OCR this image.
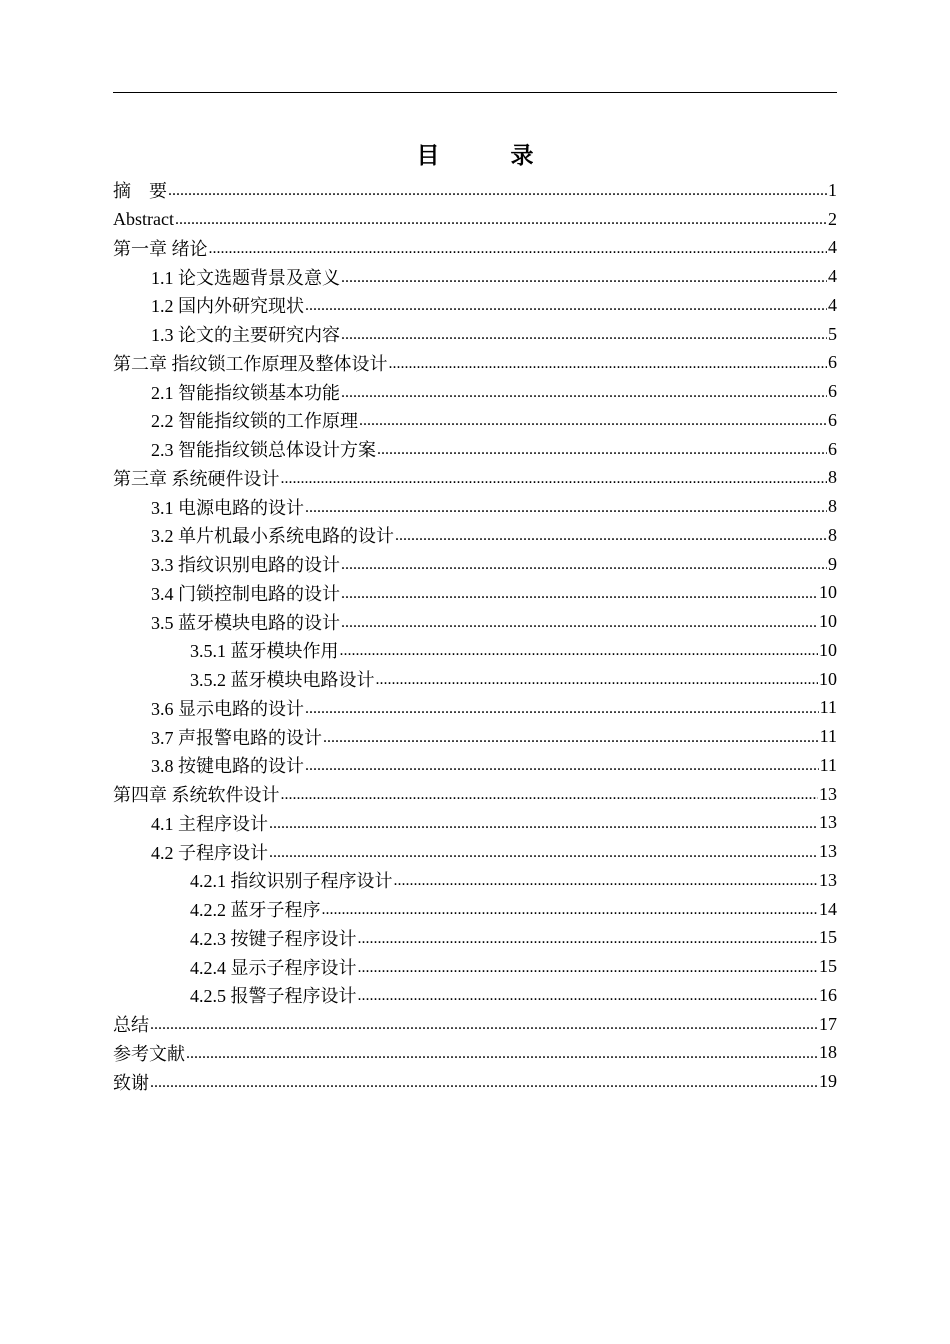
目　录
摘　要 .....	1
Abstract .....	2
第一章 绪论 .....	4
1.1 论文选题背景及意义 .....	4
1.2 国内外研究现状 .....	4
1.3 论文的主要研究内容 .....	5
第二章 指纹锁工作原理及整体设计 .....	6
2.1 智能指纹锁基本功能 .....	6
2.2 智能指纹锁的工作原理 .....	6
2.3 智能指纹锁总体设计方案 .....	6
第三章 系统硬件设计 .....	8
3.1 电源电路的设计 .....	8
3.2 单片机最小系统电路的设计 .....	8
3.3 指纹识别电路的设计 .....	9
3.4 门锁控制电路的设计 .....	10
3.5 蓝牙模块电路的设计 .....	10
3.5.1 蓝牙模块作用 .....	10
3.5.2 蓝牙模块电路设计 .....	10
3.6 显示电路的设计 .....	11
3.7 声报警电路的设计 .....	11
3.8 按键电路的设计 .....	11
第四章 系统软件设计 .....	13
4.1 主程序设计 .....	13
4.2 子程序设计 .....	13
4.2.1 指纹识别子程序设计 .....	13
4.2.2 蓝牙子程序 .....	14
4.2.3 按键子程序设计 .....	15
4.2.4 显示子程序设计 .....	15
4.2.5 报警子程序设计 .....	16
总结 .....	17
参考文献 .....	18
致谢 .....	19
